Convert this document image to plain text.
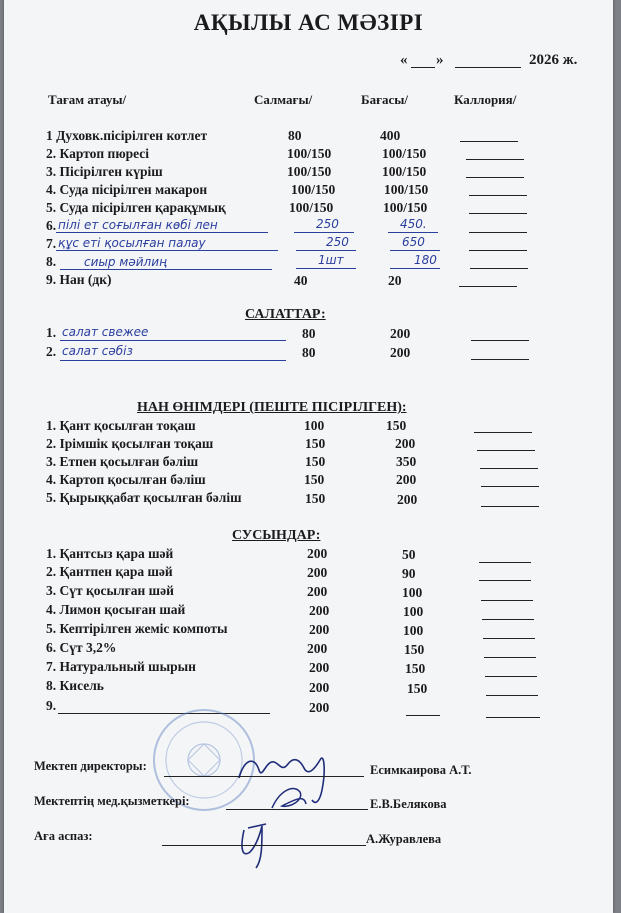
АҚЫЛЫ АС МӘЗІРІ
« »	2026 ж.
Тағам атауы/	Салмағы/	Бағасы/	Каллория/
1 Духовк.пісірілген котлет	80	400
2. Картоп пюресі	100/150	100/150
3. Пісірілген күріш	100/150	100/150
4. Суда пісірілген макарон	100/150	100/150
5. Суда пісірілген қарақұмық	100/150	100/150
6. пілі ет соғылған көбі лен	250	450.
7. құс еті қосылған палау	250	650
8. сиыр мәйлиң	1шт	180
9. Нан (дк)	40	20
САЛАТТАР:
1. салат свежее	80	200
2. салат сәбіз	80	200
НАН ӨНІМДЕРІ (ПЕШТЕ ПІСІРІЛГЕН):
1. Қант қосылған тоқаш	100	150
2. Ірімшік қосылған тоқаш	150	200
3. Етпен қосылған бәліш	150	350
4. Картоп қосылған бәліш	150	200
5. Қырыққабат қосылған бәліш	150	200
СУСЫНДАР:
1. Қантсыз қара шәй	200	50
2. Қантпен қара шәй	200	90
3. Сүт қосылған шәй	200	100
4. Лимон қосыған шай	200	100
5. Кептірілген жеміс компоты	200	100
6. Сүт 3,2%	200	150
7. Натуральный шырын	200	150
8. Кисель	200	150
9.	200
Мектеп директоры:	Есимкаирова А.Т.
Мектептің мед.қызметкері:	Е.В.Белякова
Аға аспаз:	А.Журавлева
